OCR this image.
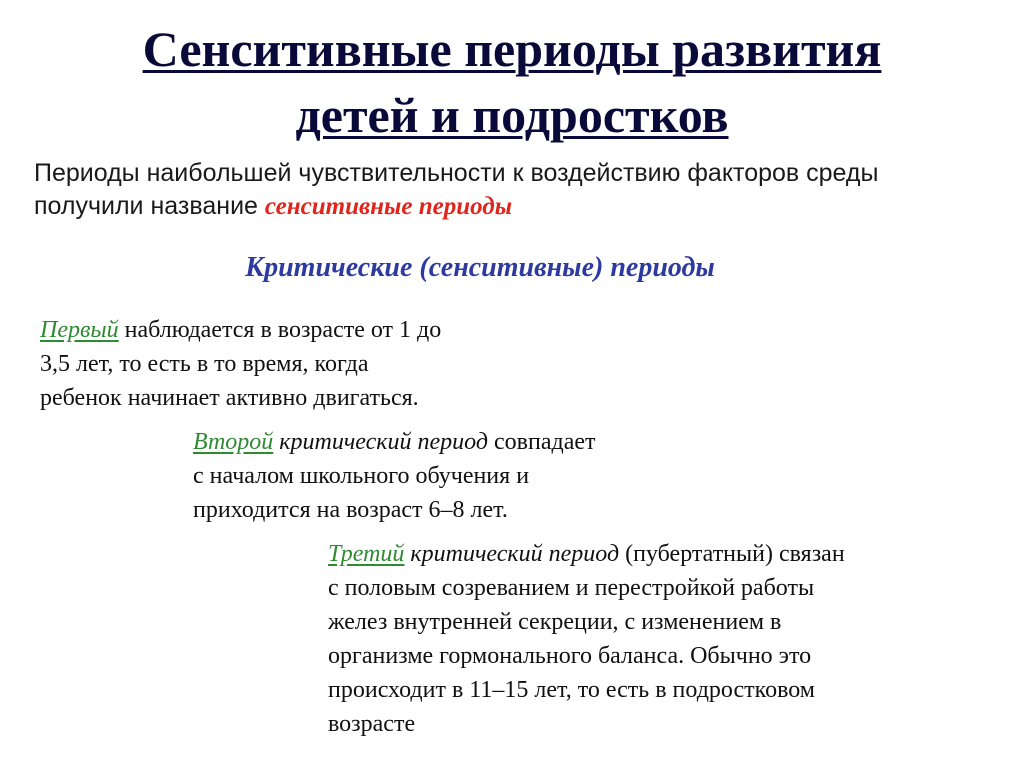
Сенситивные периоды развития
детей и подростков

Периоды наибольшей чувствительности к воздействию факторов среды
получили название сенситивные периоды

Критические (сенситивные) периоды

Первый наблюдается в возрасте от 1 до
3,5 лет, то есть в то время, когда
ребенок начинает активно двигаться.

Второй критический период совпадает
с началом школьного обучения и
приходится на возраст 6–8 лет.

Третий критический период (пубертатный) связан
с половым созреванием и перестройкой работы
желез внутренней секреции, с изменением в
организме гормонального баланса. Обычно это
происходит в 11–15 лет, то есть в подростковом
возрасте
